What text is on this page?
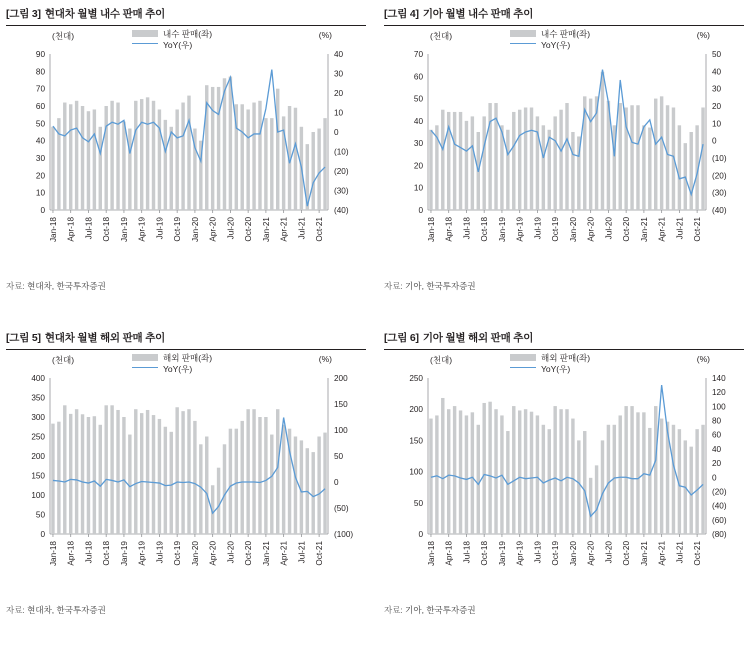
[그림 3] 현대차 월별 내수 판매 추이
(천대)	(%)
내수 판매(좌)
YoY(우)
0
10
20
30
40
50
60
70
80
90	40
30
20
10
0
(10)
(20)
(30)
(40)
Jan-18 Apr-18 Jul-18 Oct-18 Jan-19 Apr-19 Jul-19 Oct-19 Jan-20 Apr-20 Jul-20 Oct-20 Jan-21 Apr-21 Jul-21 Oct-21
자료: 현대차, 한국투자증권
[그림 4] 기아 월별 내수 판매 추이
(천대)	(%)
내수 판매(좌)
YoY(우)
0
10
20
30
40
50
60
70	50
40
30
20
10
0
(10)
(20)
(30)
(40)
Jan-18 Apr-18 Jul-18 Oct-18 Jan-19 Apr-19 Jul-19 Oct-19 Jan-20 Apr-20 Jul-20 Oct-20 Jan-21 Apr-21 Jul-21 Oct-21
자료: 기아, 한국투자증권
[그림 5] 현대차 월별 해외 판매 추이
(천대)	(%)
해외 판매(좌)
YoY(우)
0
50
100
150
200
250
300
350
400	200
150
100
50
0
(50)
(100)
Jan-18 Apr-18 Jul-18 Oct-18 Jan-19 Apr-19 Jul-19 Oct-19 Jan-20 Apr-20 Jul-20 Oct-20 Jan-21 Apr-21 Jul-21 Oct-21
자료: 현대차, 한국투자증권
[그림 6] 기아 월별 해외 판매 추이
(천대)	(%)
해외 판매(좌)
YoY(우)
0
50
100
150
200
250	140
120
100
80
60
40
20
0
(20)
(40)
(60)
(80)
Jan-18 Apr-18 Jul-18 Oct-18 Jan-19 Apr-19 Jul-19 Oct-19 Jan-20 Apr-20 Jul-20 Oct-20 Jan-21 Apr-21 Jul-21 Oct-21
자료: 기아, 한국투자증권
